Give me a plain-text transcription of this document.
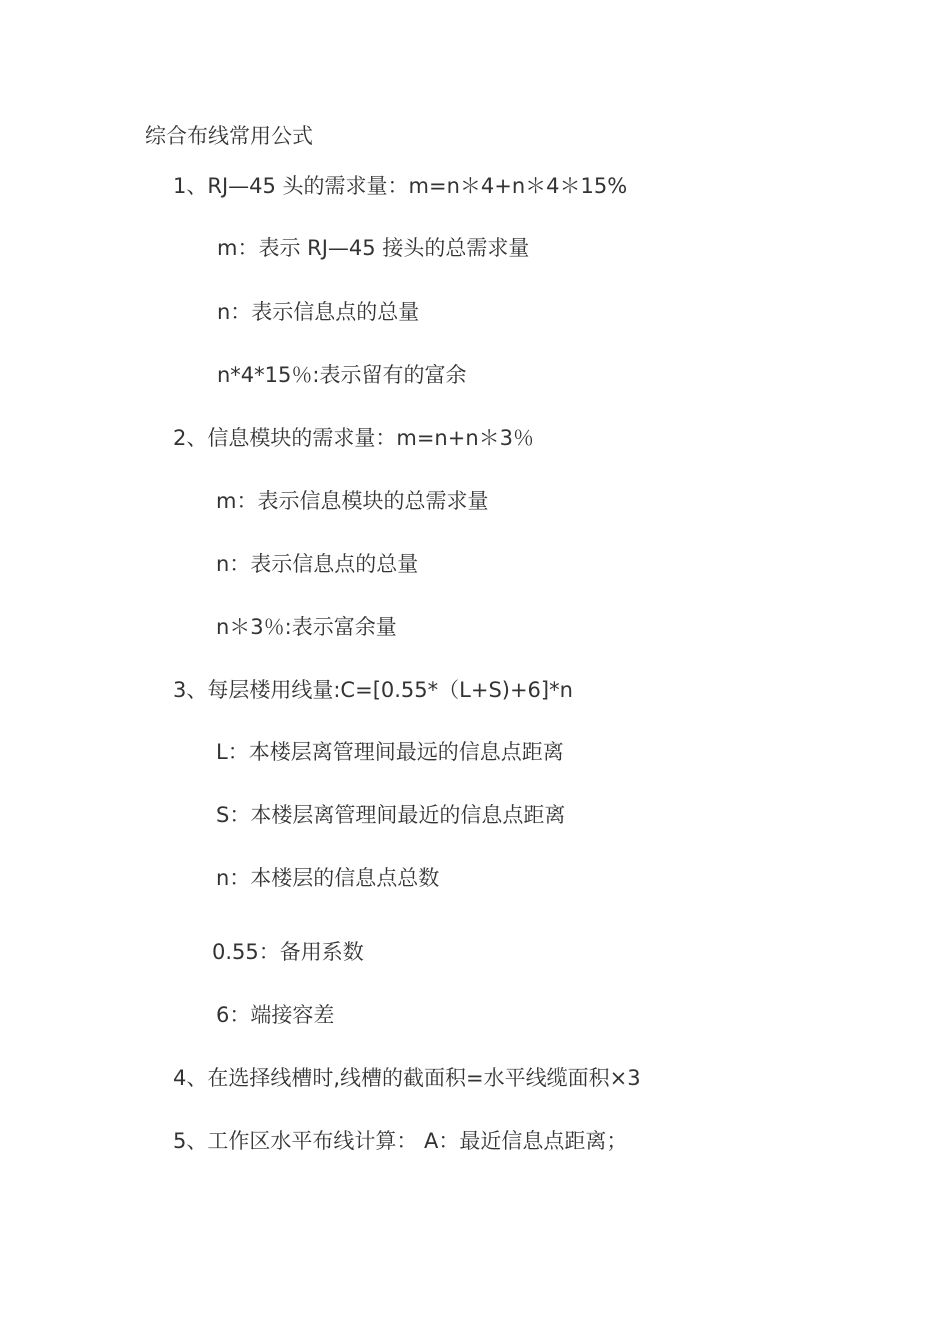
综合布线常用公式
1、RJ—45 头的需求量：m=n＊4+n＊4＊15%
m：表示 RJ—45 接头的总需求量
n：表示信息点的总量
n*4*15％:表示留有的富余
2、信息模块的需求量：m=n+n＊3％
m：表示信息模块的总需求量
n：表示信息点的总量
n＊3％:表示富余量
3、每层楼用线量:C=[0.55*（L+S)+6]*n
L：本楼层离管理间最远的信息点距离
S：本楼层离管理间最近的信息点距离
n：本楼层的信息点总数
0.55：备用系数
6：端接容差
4、在选择线槽时,线槽的截面积=水平线缆面积×3
5、工作区水平布线计算： A：最近信息点距离；
